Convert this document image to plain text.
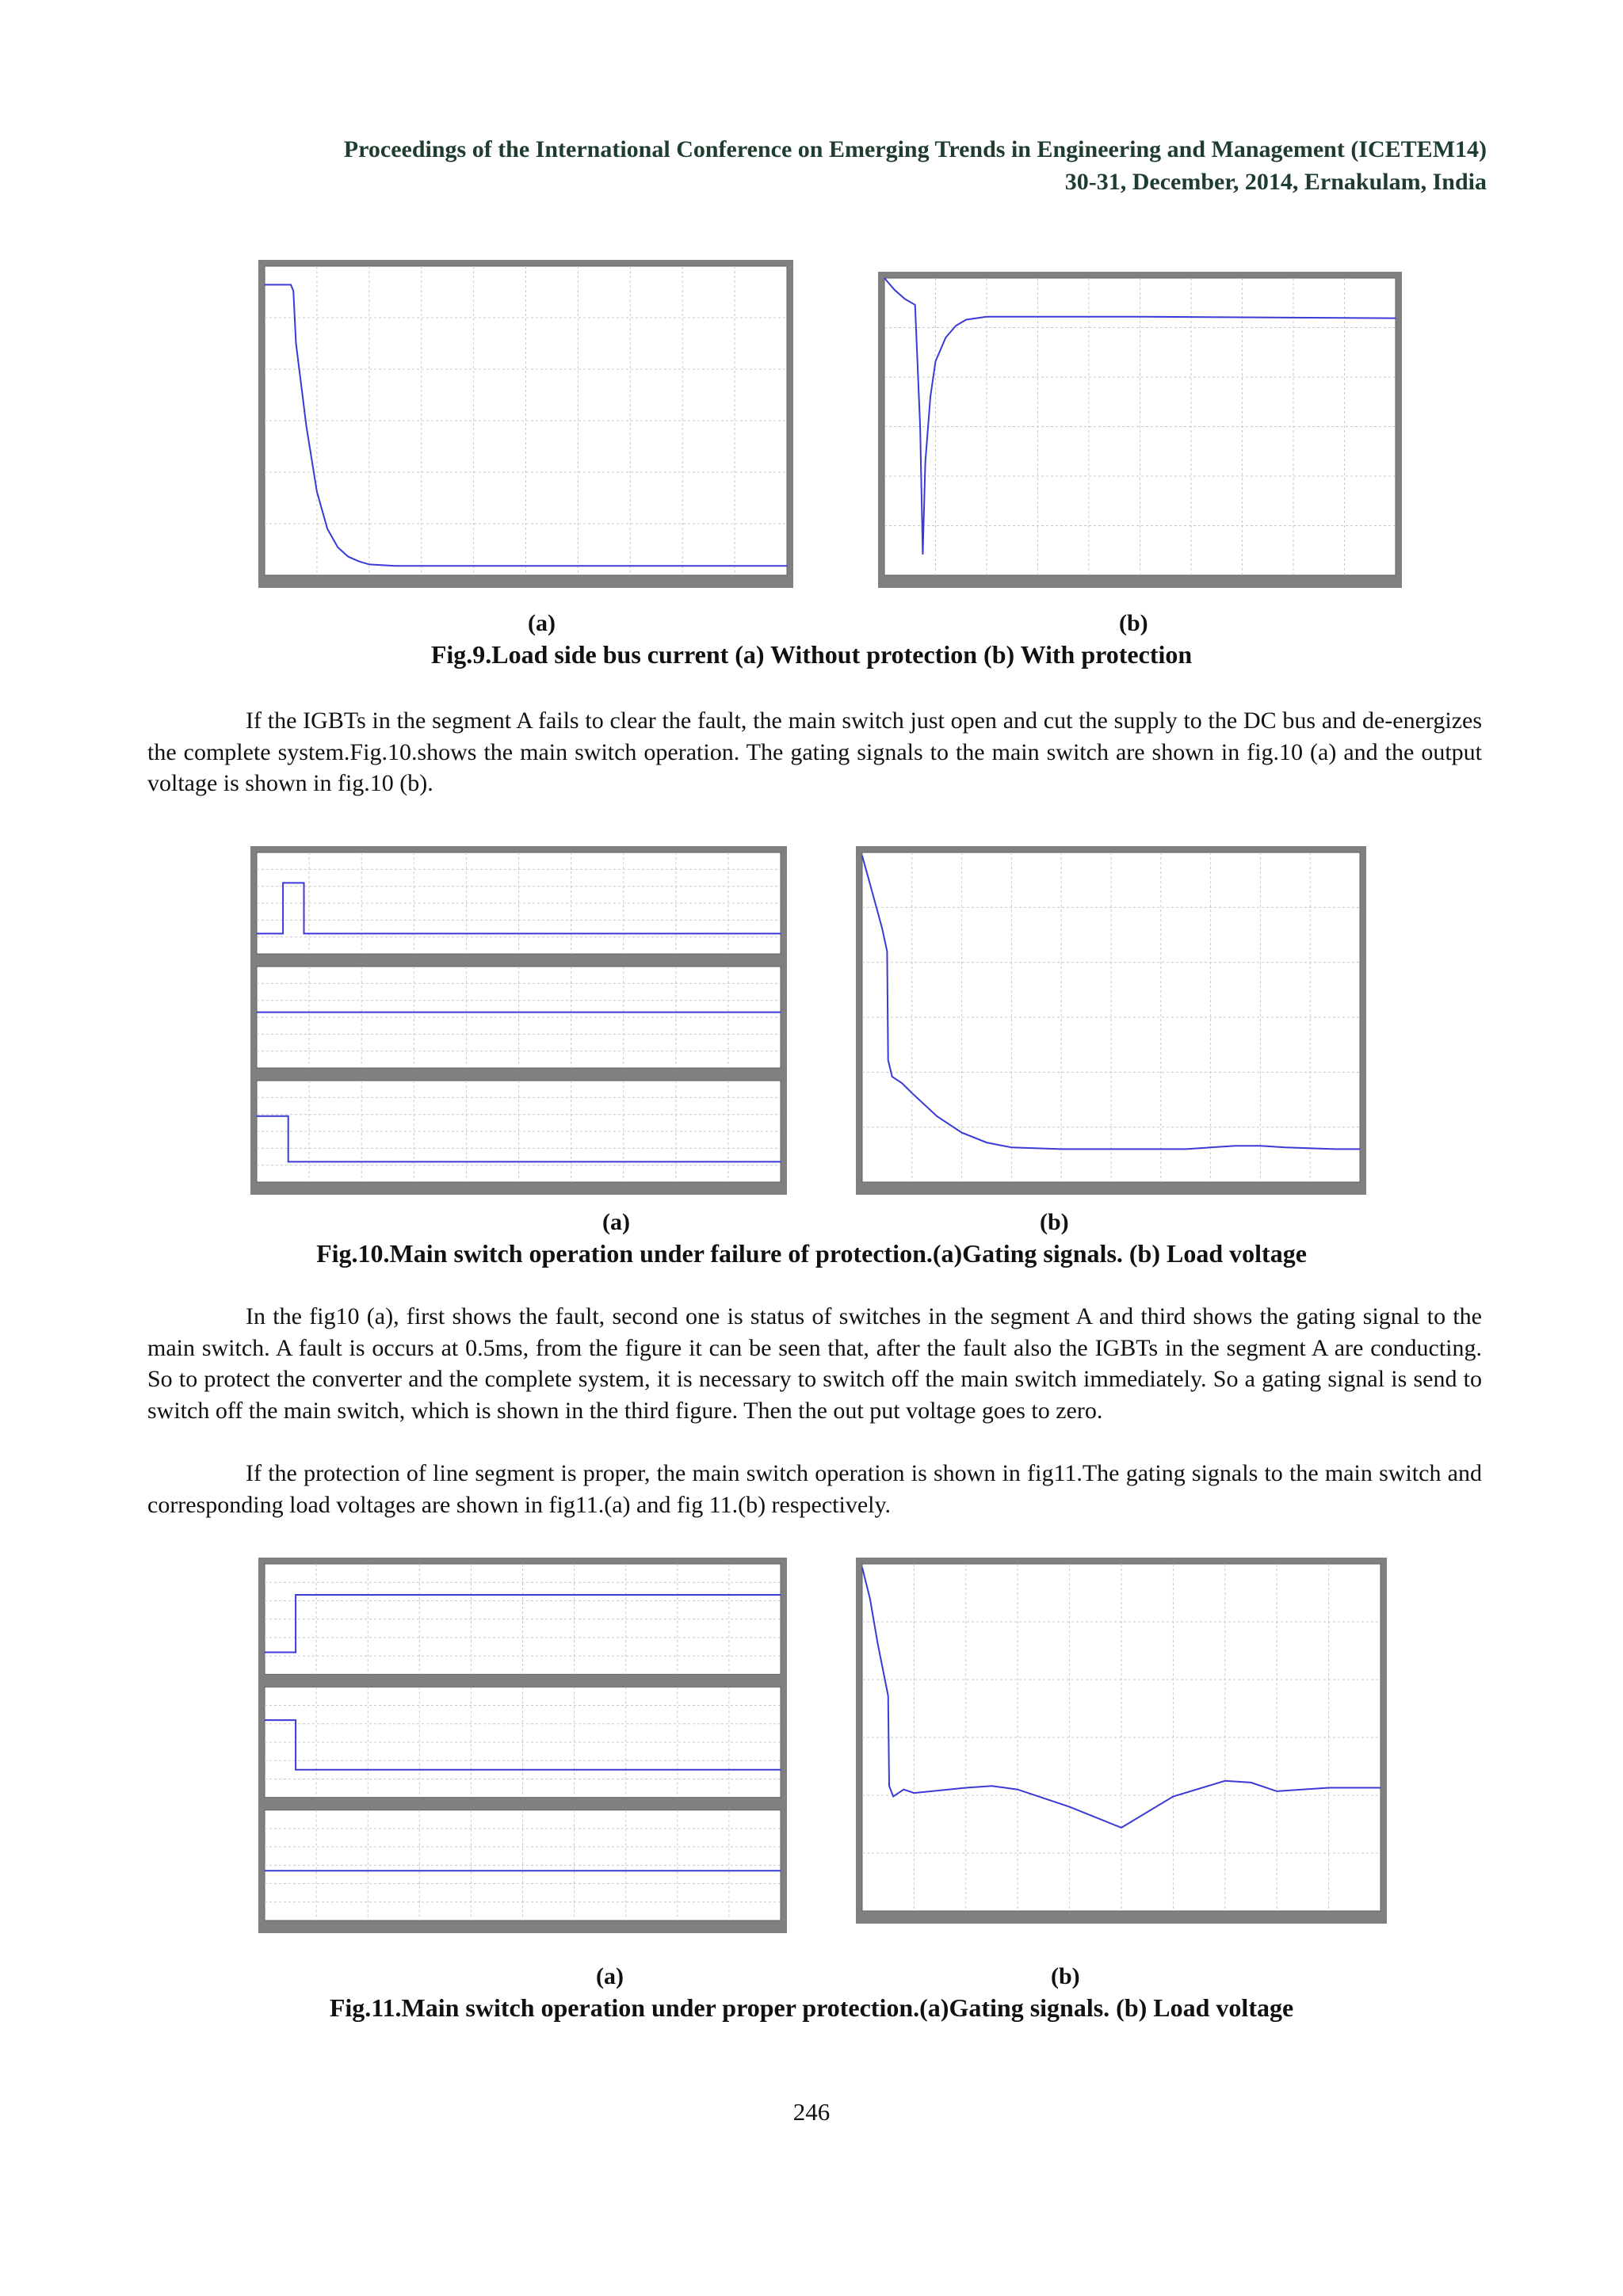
Proceedings of the International Conference on Emerging Trends in Engineering and Management (ICETEM14)
30-31, December, 2014, Ernakulam, India
(a)	(b)
Fig.9.Load side bus current (a) Without protection (b) With protection

If the IGBTs in the segment A fails to clear the fault, the main switch just open and cut the supply to the DC bus and de-energizes the complete system.Fig.10.shows the main switch operation. The gating signals to the main switch are shown in fig.10 (a) and the output voltage is shown in fig.10 (b).

(a)	(b)
Fig.10.Main switch operation under failure of protection.(a)Gating signals. (b) Load voltage

In the fig10 (a), first shows the fault, second one is status of switches in the segment A and third shows the gating signal to the main switch. A fault is occurs at 0.5ms, from the figure it can be seen that, after the fault also the IGBTs in the segment A are conducting. So to protect the converter and the complete system, it is necessary to switch off the main switch immediately. So a gating signal is send to switch off the main switch, which is shown in the third figure. Then the out put voltage goes to zero.

If the protection of line segment is proper, the main switch operation is shown in fig11.The gating signals to the main switch and corresponding load voltages are shown in fig11.(a) and fig 11.(b) respectively.

(a)	(b)
Fig.11.Main switch operation under proper protection.(a)Gating signals. (b) Load voltage
246
